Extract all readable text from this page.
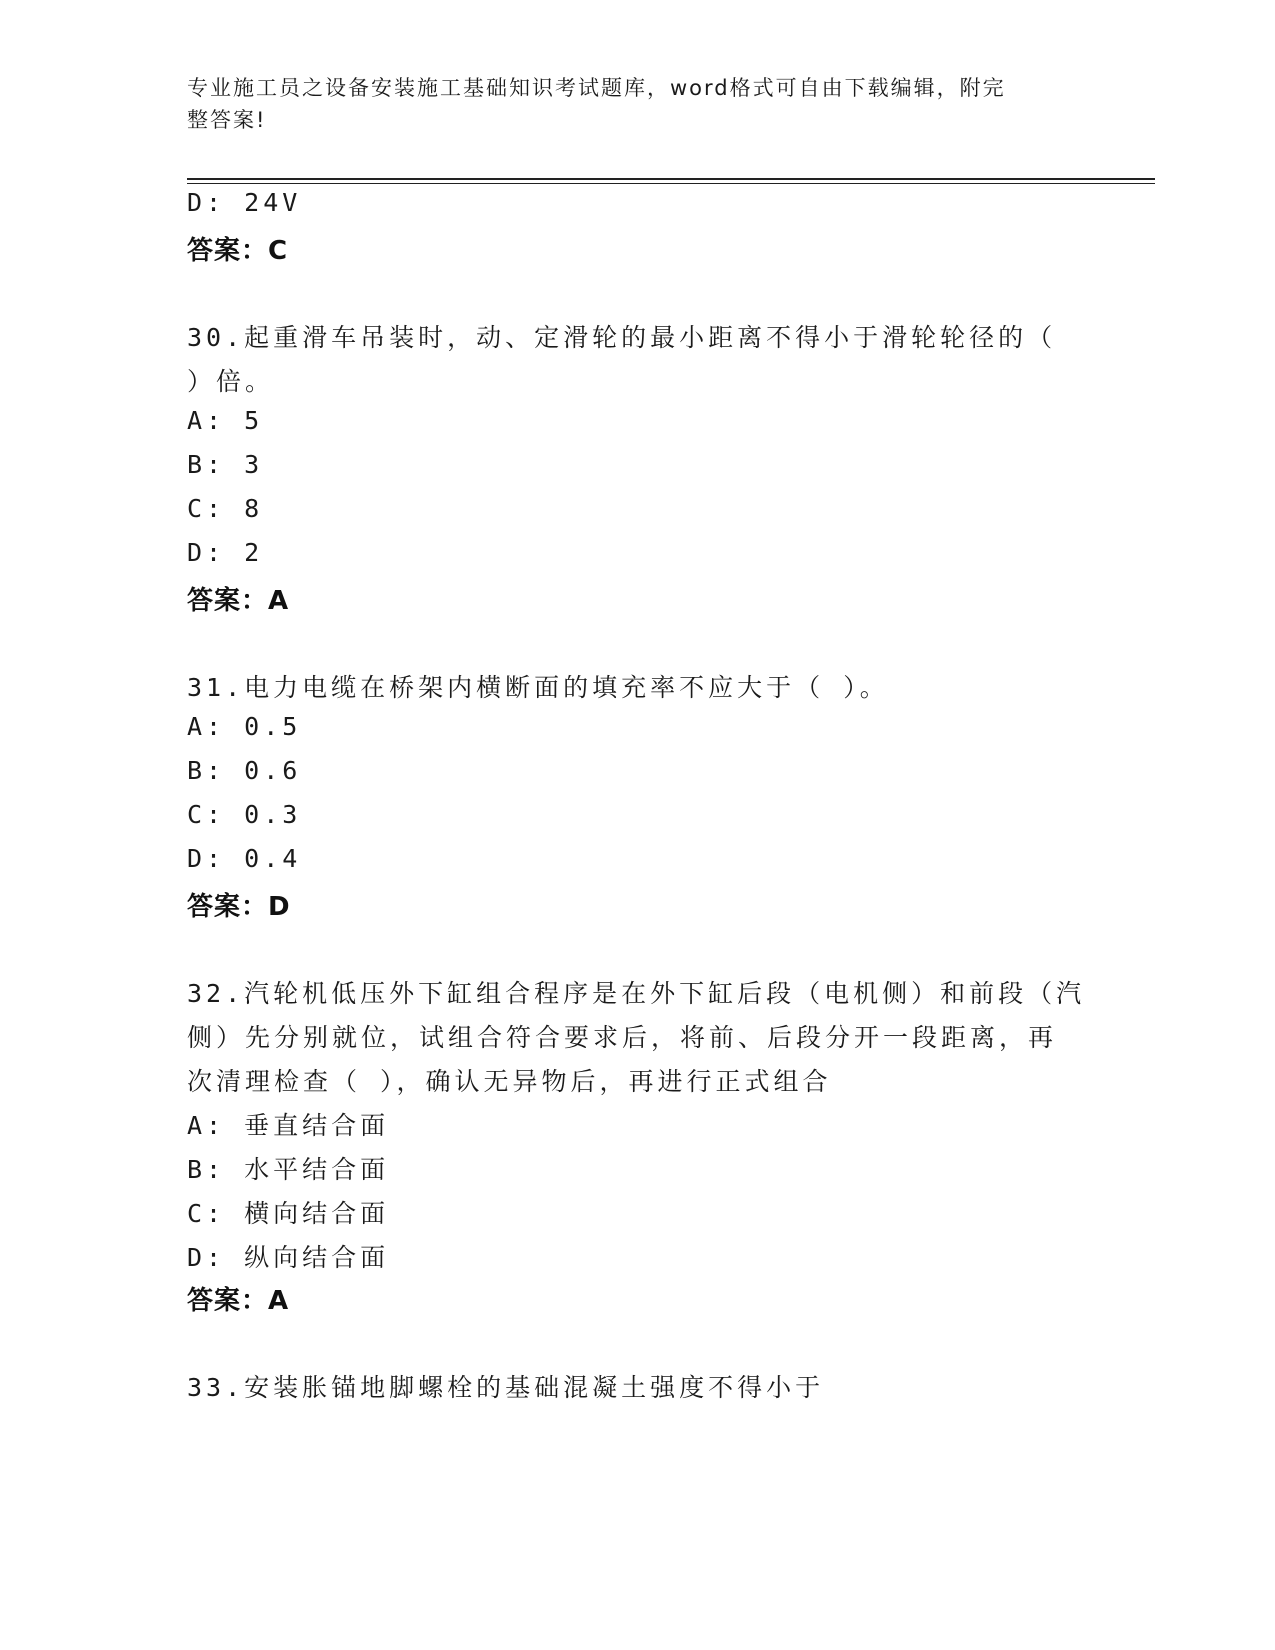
专业施工员之设备安装施工基础知识考试题库，word格式可自由下载编辑，附完
整答案!
D: 24V
答案：C
30.起重滑车吊装时，动、定滑轮的最小距离不得小于滑轮轮径的（
）倍。
A: 5
B: 3
C: 8
D: 2
答案：A
31.电力电缆在桥架内横断面的填充率不应大于（ ）。
A: 0.5
B: 0.6
C: 0.3
D: 0.4
答案：D
32.汽轮机低压外下缸组合程序是在外下缸后段（电机侧）和前段（汽
侧）先分别就位，试组合符合要求后，将前、后段分开一段距离，再
次清理检查（ ），确认无异物后，再进行正式组合
A: 垂直结合面
B: 水平结合面
C: 横向结合面
D: 纵向结合面
答案：A
33.安装胀锚地脚螺栓的基础混凝土强度不得小于
